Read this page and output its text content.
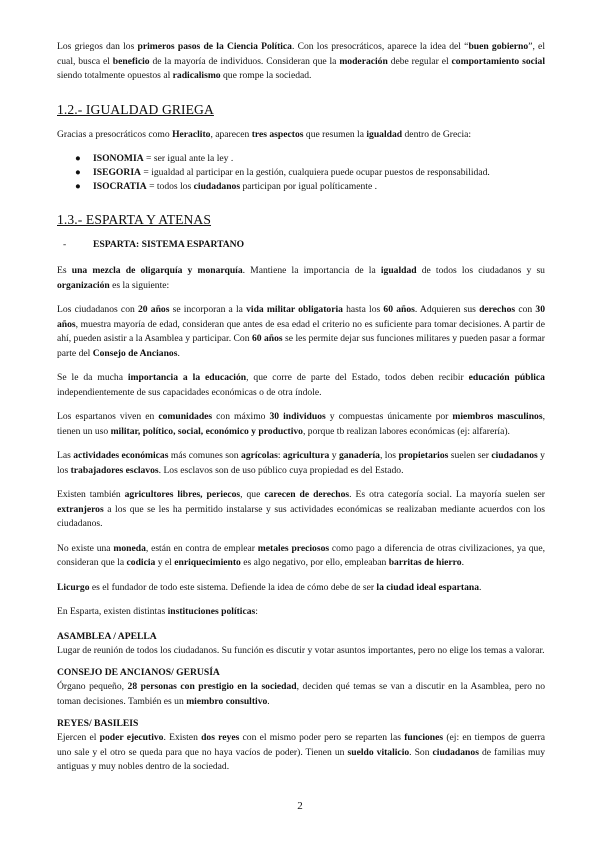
Los griegos dan los primeros pasos de la Ciencia Política. Con los presocráticos, aparece la idea del “buen gobierno”, el cual, busca el beneficio de la mayoría de individuos. Consideran que la moderación debe regular el comportamiento social siendo totalmente opuestos al radicalismo que rompe la sociedad.

1.2.- IGUALDAD GRIEGA

Gracias a presocráticos como Heraclito, aparecen tres aspectos que resumen la igualdad dentro de Grecia:

● ISONOMIA = ser igual ante la ley .
● ISEGORIA = igualdad al participar en la gestión, cualquiera puede ocupar puestos de responsabilidad.
● ISOCRATIA = todos los ciudadanos participan por igual políticamente .
1.3.- ESPARTA Y ATENAS
-	ESPARTA: SISTEMA ESPARTANO

Es una mezcla de oligarquía y monarquía. Mantiene la importancia de la igualdad de todos los ciudadanos y su organización es la siguiente:

Los ciudadanos con 20 años se incorporan a la vida militar obligatoria hasta los 60 años. Adquieren sus derechos con 30 años, muestra mayoría de edad, consideran que antes de esa edad el criterio no es suficiente para tomar decisiones. A partir de ahí, pueden asistir a la Asamblea y participar. Con 60 años se les permite dejar sus funciones militares y pueden pasar a formar parte del Consejo de Ancianos.

Se le da mucha importancia a la educación, que corre de parte del Estado, todos deben recibir educación pública independientemente de sus capacidades económicas o de otra índole.

Los espartanos viven en comunidades con máximo 30 individuos y compuestas únicamente por miembros masculinos, tienen un uso militar, político, social, económico y productivo, porque tb realizan labores económicas (ej: alfarería).

Las actividades económicas más comunes son agrícolas: agricultura y ganadería, los propietarios suelen ser ciudadanos y los trabajadores esclavos. Los esclavos son de uso público cuya propiedad es del Estado.

Existen también agricultores libres, periecos, que carecen de derechos. Es otra categoría social. La mayoría suelen ser extranjeros a los que se les ha permitido instalarse y sus actividades económicas se realizaban mediante acuerdos con los ciudadanos.

No existe una moneda, están en contra de emplear metales preciosos como pago a diferencia de otras civilizaciones, ya que, consideran que la codicia y el enriquecimiento es algo negativo, por ello, empleaban barritas de hierro.

Licurgo es el fundador de todo este sistema. Defiende la idea de cómo debe de ser la ciudad ideal espartana.

En Esparta, existen distintas instituciones políticas:

ASAMBLEA / APELLA

Lugar de reunión de todos los ciudadanos. Su función es discutir y votar asuntos importantes, pero no elige los temas a valorar.

CONSEJO DE ANCIANOS/ GERUSÍA

Órgano pequeño, 28 personas con prestigio en la sociedad, deciden qué temas se van a discutir en la Asamblea, pero no toman decisiones. También es un miembro consultivo.

REYES/ BASILEIS

Ejercen el poder ejecutivo. Existen dos reyes con el mismo poder pero se reparten las funciones (ej: en tiempos de guerra uno sale y el otro se queda para que no haya vacíos de poder). Tienen un sueldo vitalicio. Son ciudadanos de familias muy antiguas y muy nobles dentro de la sociedad.

2
